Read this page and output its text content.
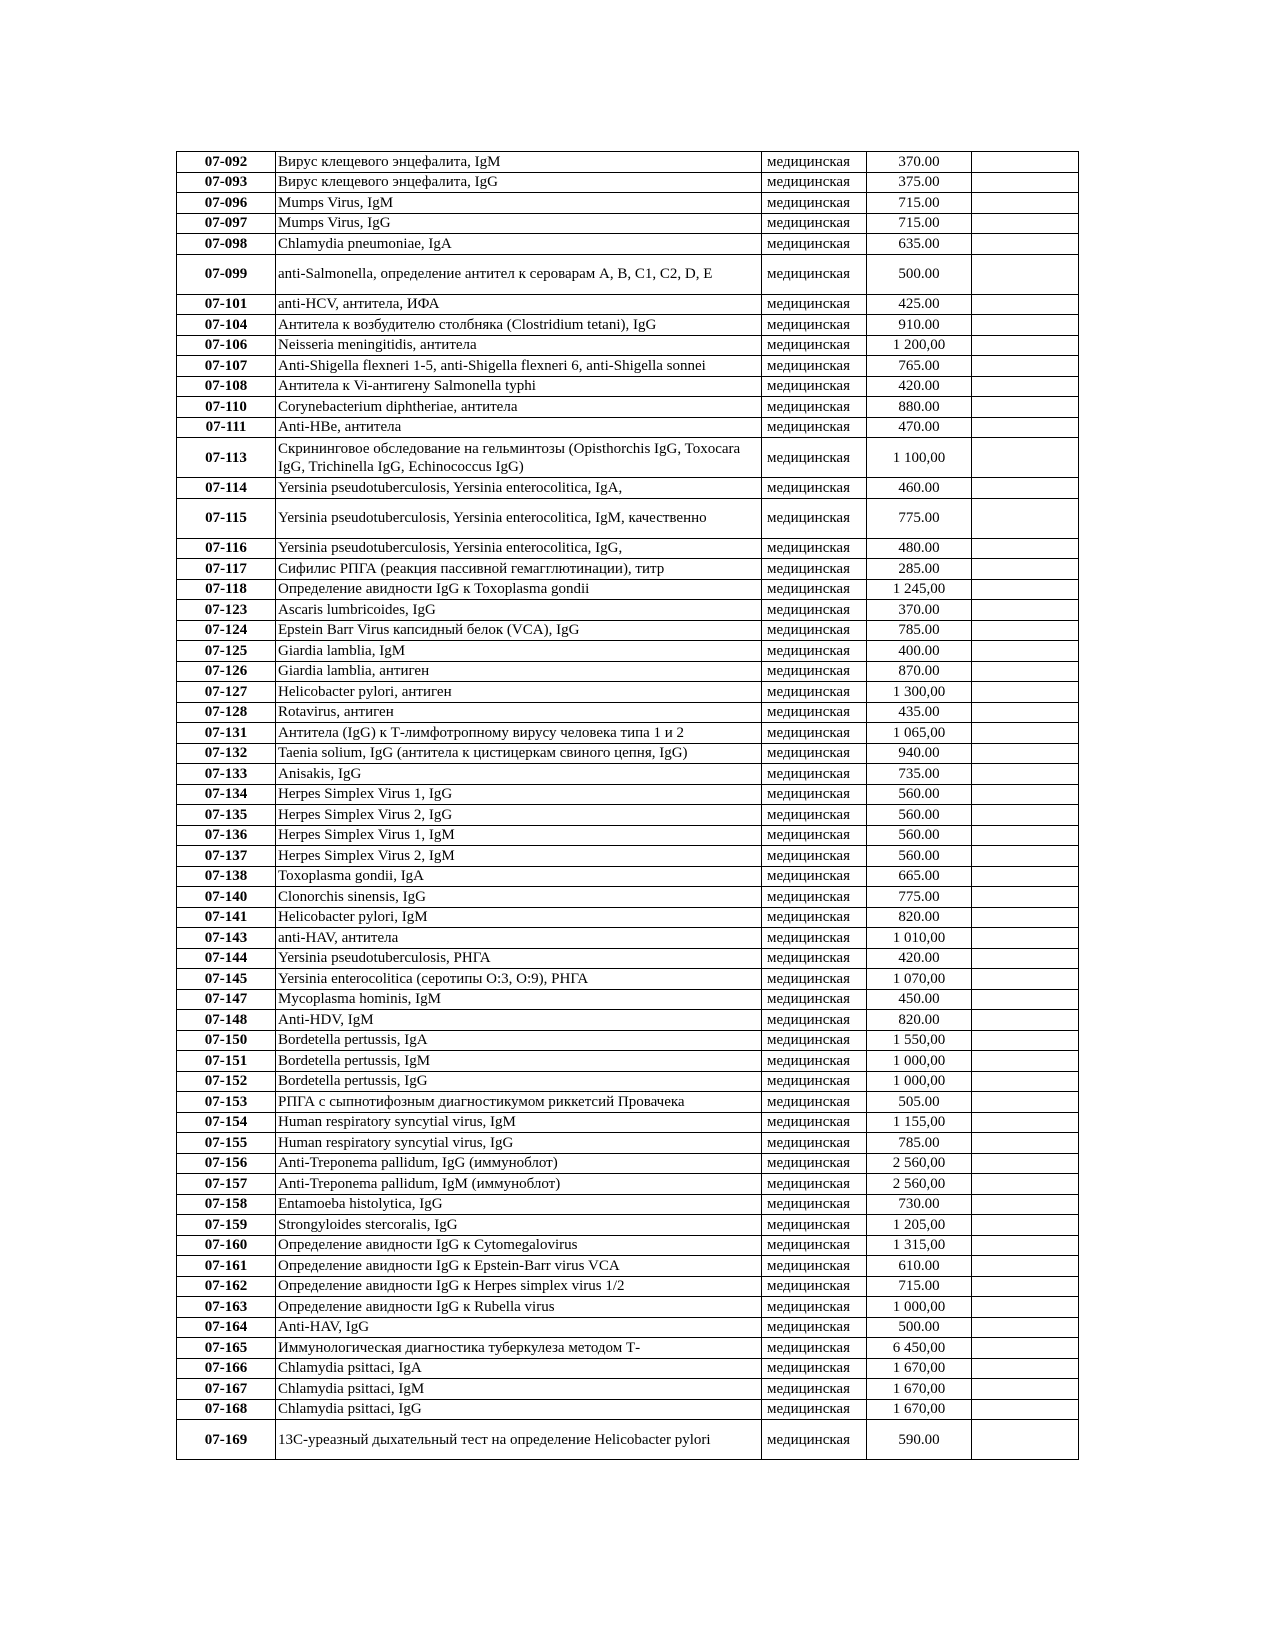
07-092	Вирус клещевого энцефалита, IgM	медицинская	370.00	
07-093	Вирус клещевого энцефалита, IgG	медицинская	375.00	
07-096	Mumps Virus, IgM	медицинская	715.00	
07-097	Mumps Virus, IgG	медицинская	715.00	
07-098	Chlamydia pneumoniae, IgA	медицинская	635.00	
07-099	anti-Salmonella, определение антител к сероварам A, B, C1, C2, D, E	медицинская	500.00	
07-101	anti-HCV, антитела, ИФА	медицинская	425.00	
07-104	Антитела к возбудителю столбняка (Clostridium tetani), IgG	медицинская	910.00	
07-106	Neisseria meningitidis, антитела	медицинская	1 200,00	
07-107	Anti-Shigella flexneri 1-5, anti-Shigella flexneri 6, anti-Shigella sonnei	медицинская	765.00	
07-108	Антитела к Vi-антигену Salmonella typhi	медицинская	420.00	
07-110	Corynebacterium diphtheriae, антитела	медицинская	880.00	
07-111	Anti-HBe, антитела	медицинская	470.00	
07-113	Скрининговое обследование на гельминтозы (Opisthorchis IgG, Toxocara IgG, Trichinella IgG, Echinococcus IgG)	медицинская	1 100,00	
07-114	Yersinia pseudotuberculosis, Yersinia enterocolitica, IgA,	медицинская	460.00	
07-115	Yersinia pseudotuberculosis, Yersinia enterocolitica, IgM, качественно	медицинская	775.00	
07-116	Yersinia pseudotuberculosis, Yersinia enterocolitica, IgG,	медицинская	480.00	
07-117	Сифилис РПГА (реакция пассивной гемагглютинации), титр	медицинская	285.00	
07-118	Определение авидности IgG к Toxoplasma gondii	медицинская	1 245,00	
07-123	Ascaris lumbricoides, IgG	медицинская	370.00	
07-124	Epstein Barr Virus капсидный белок (VCA), IgG	медицинская	785.00	
07-125	Giardia lamblia, IgM	медицинская	400.00	
07-126	Giardia lamblia, антиген	медицинская	870.00	
07-127	Helicobacter pylori, антиген	медицинская	1 300,00	
07-128	Rotavirus, антиген	медицинская	435.00	
07-131	Антитела (IgG) к Т-лимфотропному вирусу человека типа 1 и 2	медицинская	1 065,00	
07-132	Taenia solium, IgG (антитела к цистицеркам свиного цепня, IgG)	медицинская	940.00	
07-133	Anisakis, IgG	медицинская	735.00	
07-134	Herpes Simplex Virus 1, IgG	медицинская	560.00	
07-135	Herpes Simplex Virus 2, IgG	медицинская	560.00	
07-136	Herpes Simplex Virus 1, IgM	медицинская	560.00	
07-137	Herpes Simplex Virus 2, IgM	медицинская	560.00	
07-138	Toxoplasma gondii, IgA	медицинская	665.00	
07-140	Clonorchis sinensis, IgG	медицинская	775.00	
07-141	Helicobacter pylori, IgM	медицинская	820.00	
07-143	anti-HAV, антитела	медицинская	1 010,00	
07-144	Yersinia pseudotuberculosis, РНГА	медицинская	420.00	
07-145	Yersinia enterocolitica (серотипы О:3, О:9), РНГА	медицинская	1 070,00	
07-147	Mycoplasma hominis, IgM	медицинская	450.00	
07-148	Anti-HDV, IgM	медицинская	820.00	
07-150	Bordetella pertussis, IgA	медицинская	1 550,00	
07-151	Bordetella pertussis, IgM	медицинская	1 000,00	
07-152	Bordetella pertussis, IgG	медицинская	1 000,00	
07-153	РПГА с сыпнотифозным диагностикумом риккетсий Провачека	медицинская	505.00	
07-154	Human respiratory syncytial virus, IgM	медицинская	1 155,00	
07-155	Human respiratory syncytial virus, IgG	медицинская	785.00	
07-156	Anti-Treponema pallidum, IgG (иммуноблот)	медицинская	2 560,00	
07-157	Anti-Treponema pallidum, IgM (иммуноблот)	медицинская	2 560,00	
07-158	Entamoeba histolytica, IgG	медицинская	730.00	
07-159	Strongyloides stercoralis, IgG	медицинская	1 205,00	
07-160	Определение авидности IgG к Cytomegalovirus	медицинская	1 315,00	
07-161	Определение авидности IgG к Epstein-Barr virus VCA	медицинская	610.00	
07-162	Определение авидности IgG к Herpes simplex virus 1/2	медицинская	715.00	
07-163	Определение авидности IgG к Rubella virus	медицинская	1 000,00	
07-164	Anti-HAV, IgG	медицинская	500.00	
07-165	Иммунологическая диагностика туберкулеза методом Т-	медицинская	6 450,00	
07-166	Chlamydia psittaci, IgA	медицинская	1 670,00	
07-167	Chlamydia psittaci, IgM	медицинская	1 670,00	
07-168	Chlamydia psittaci, IgG	медицинская	1 670,00	
07-169	13С-уреазный дыхательный тест на определение Helicobacter pylori	медицинская	590.00	
